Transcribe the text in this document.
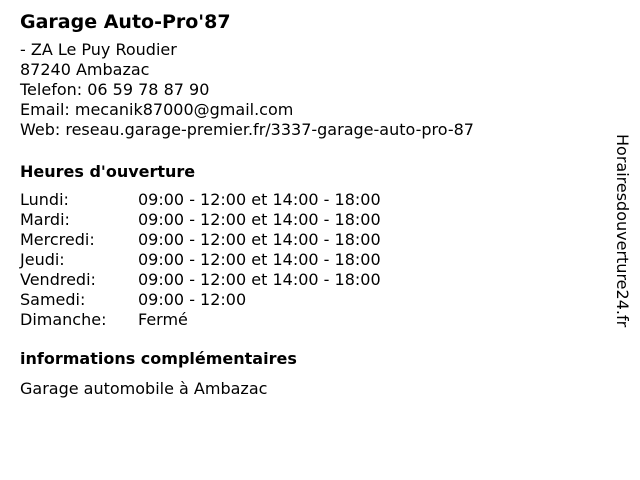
Garage Auto-Pro'87
- ZA Le Puy Roudier
87240 Ambazac
Telefon: 06 59 78 87 90
Email: mecanik87000@gmail.com
Web: reseau.garage-premier.fr/3337-garage-auto-pro-87
Heures d'ouverture
Lundi:	09:00 - 12:00 et 14:00 - 18:00
Mardi:	09:00 - 12:00 et 14:00 - 18:00
Mercredi:	09:00 - 12:00 et 14:00 - 18:00
Jeudi:	09:00 - 12:00 et 14:00 - 18:00
Vendredi:	09:00 - 12:00 et 14:00 - 18:00
Samedi:	09:00 - 12:00
Dimanche:	Fermé
informations complémentaires
Garage automobile à Ambazac
Horairesdouverture24.fr
